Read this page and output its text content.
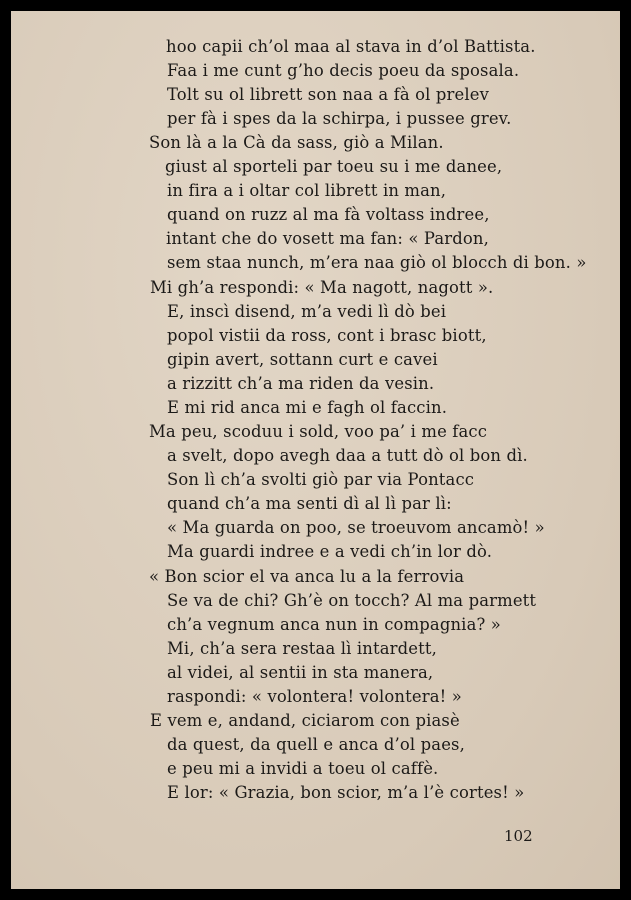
hoo capii ch’ol maa al stava in d’ol Battista.
Faa i me cunt g’ho decis poeu da sposala.
Tolt su ol librett son naa a fà ol prelev
per fà i spes da la schirpa, i pussee grev.
Son là a la Cà da sass, giò a Milan.
giust al sporteli par toeu su i me danee,
in fira a i oltar col librett in man,
quand on ruzz al ma fà voltass indree,
intant che do vosett ma fan: « Pardon,
sem staa nunch, m’era naa giò ol blocch di bon. »
Mi gh’a respondi: « Ma nagott, nagott ».
E, inscì disend, m’a vedi lì dò bei
popol vistii da ross, cont i brasc biott,
gipin avert, sottann curt e cavei
a rizzitt ch’a ma riden da vesin.
E mi rid anca mi e fagh ol faccin.
Ma peu, scoduu i sold, voo pa’ i me facc
a svelt, dopo avegh daa a tutt dò ol bon dì.
Son lì ch’a svolti giò par via Pontacc
quand ch’a ma senti dì al lì par lì:
« Ma guarda on poo, se troeuvom ancamò! »
Ma guardi indree e a vedi ch’in lor dò.
« Bon scior el va anca lu a la ferrovia
Se va de chi? Gh’è on tocch? Al ma parmett
ch’a vegnum anca nun in compagnia? »
Mi, ch’a sera restaa lì intardett,
al videi, al sentii in sta manera,
raspondi: « volontera! volontera! »
E vem e, andand, ciciarom con piasè
da quest, da quell e anca d’ol paes,
e peu mi a invidi a toeu ol caffè.
E lor: « Grazia, bon scior, m’a l’è cortes! »
102
